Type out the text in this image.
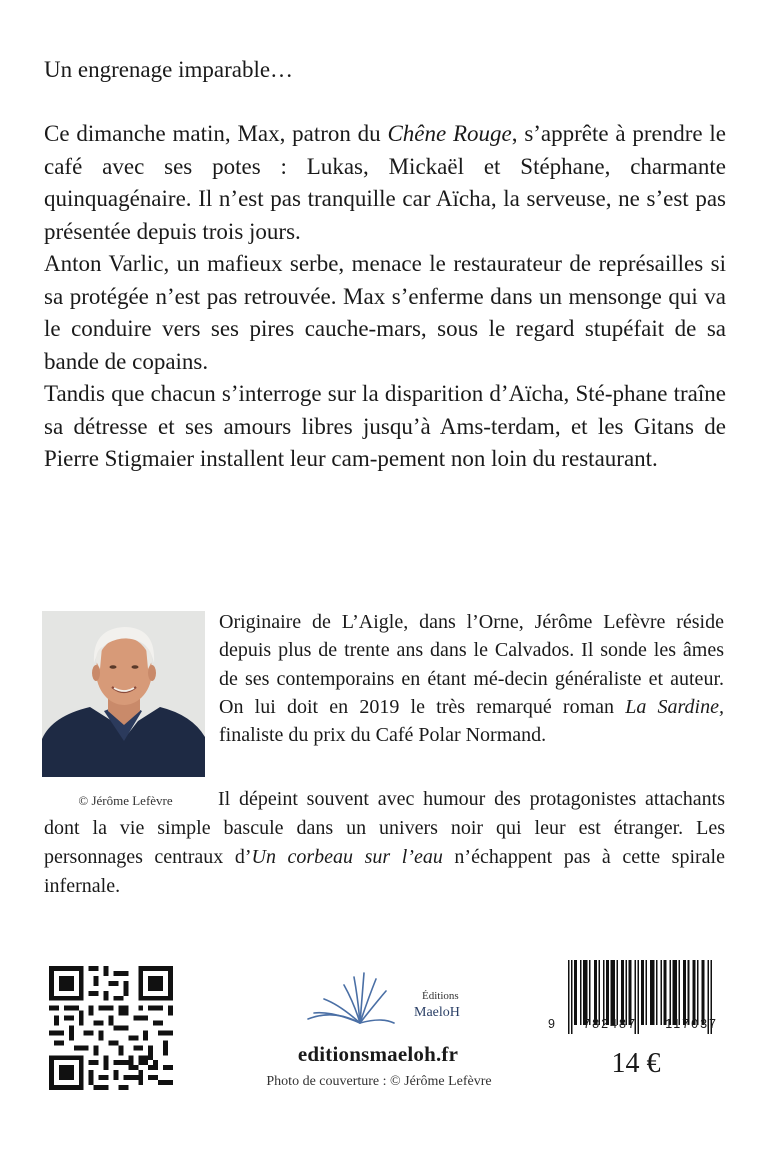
Un engrenage imparable…

Ce dimanche matin, Max, patron du Chêne Rouge, s’apprête à prendre le café avec ses potes : Lukas, Mickaël et Stéphane, charmante quinquagénaire. Il n’est pas tranquille car Aïcha, la serveuse, ne s’est pas présentée depuis trois jours.

Anton Varlic, un mafieux serbe, menace le restaurateur de représailles si sa protégée n’est pas retrouvée. Max s’enferme dans un mensonge qui va le conduire vers ses pires cauche-mars, sous le regard stupéfait de sa bande de copains.

Tandis que chacun s’interroge sur la disparition d’Aïcha, Sté-phane traîne sa détresse et ses amours libres jusqu’à Ams-terdam, et les Gitans de Pierre Stigmaier installent leur cam-pement non loin du restaurant.

© Jérôme Lefèvre

Originaire de L’Aigle, dans l’Orne, Jérôme Lefèvre réside depuis plus de trente ans dans le Calvados. Il sonde les âmes de ses contemporains en étant mé-decin généraliste et auteur. On lui doit en 2019 le très remarqué roman La Sardine, finaliste du prix du Café Polar Normand.

Il dépeint souvent avec humour des protagonistes attachants dont la vie simple bascule dans un univers noir qui leur est étranger. Les personnages centraux d’Un corbeau sur l’eau n’échappent pas à cette spirale infernale.

Éditions
MaeloH
editionsmaeloh.fr
Photo de couverture : © Jérôme Lefèvre
9 782487 117037
14 €
